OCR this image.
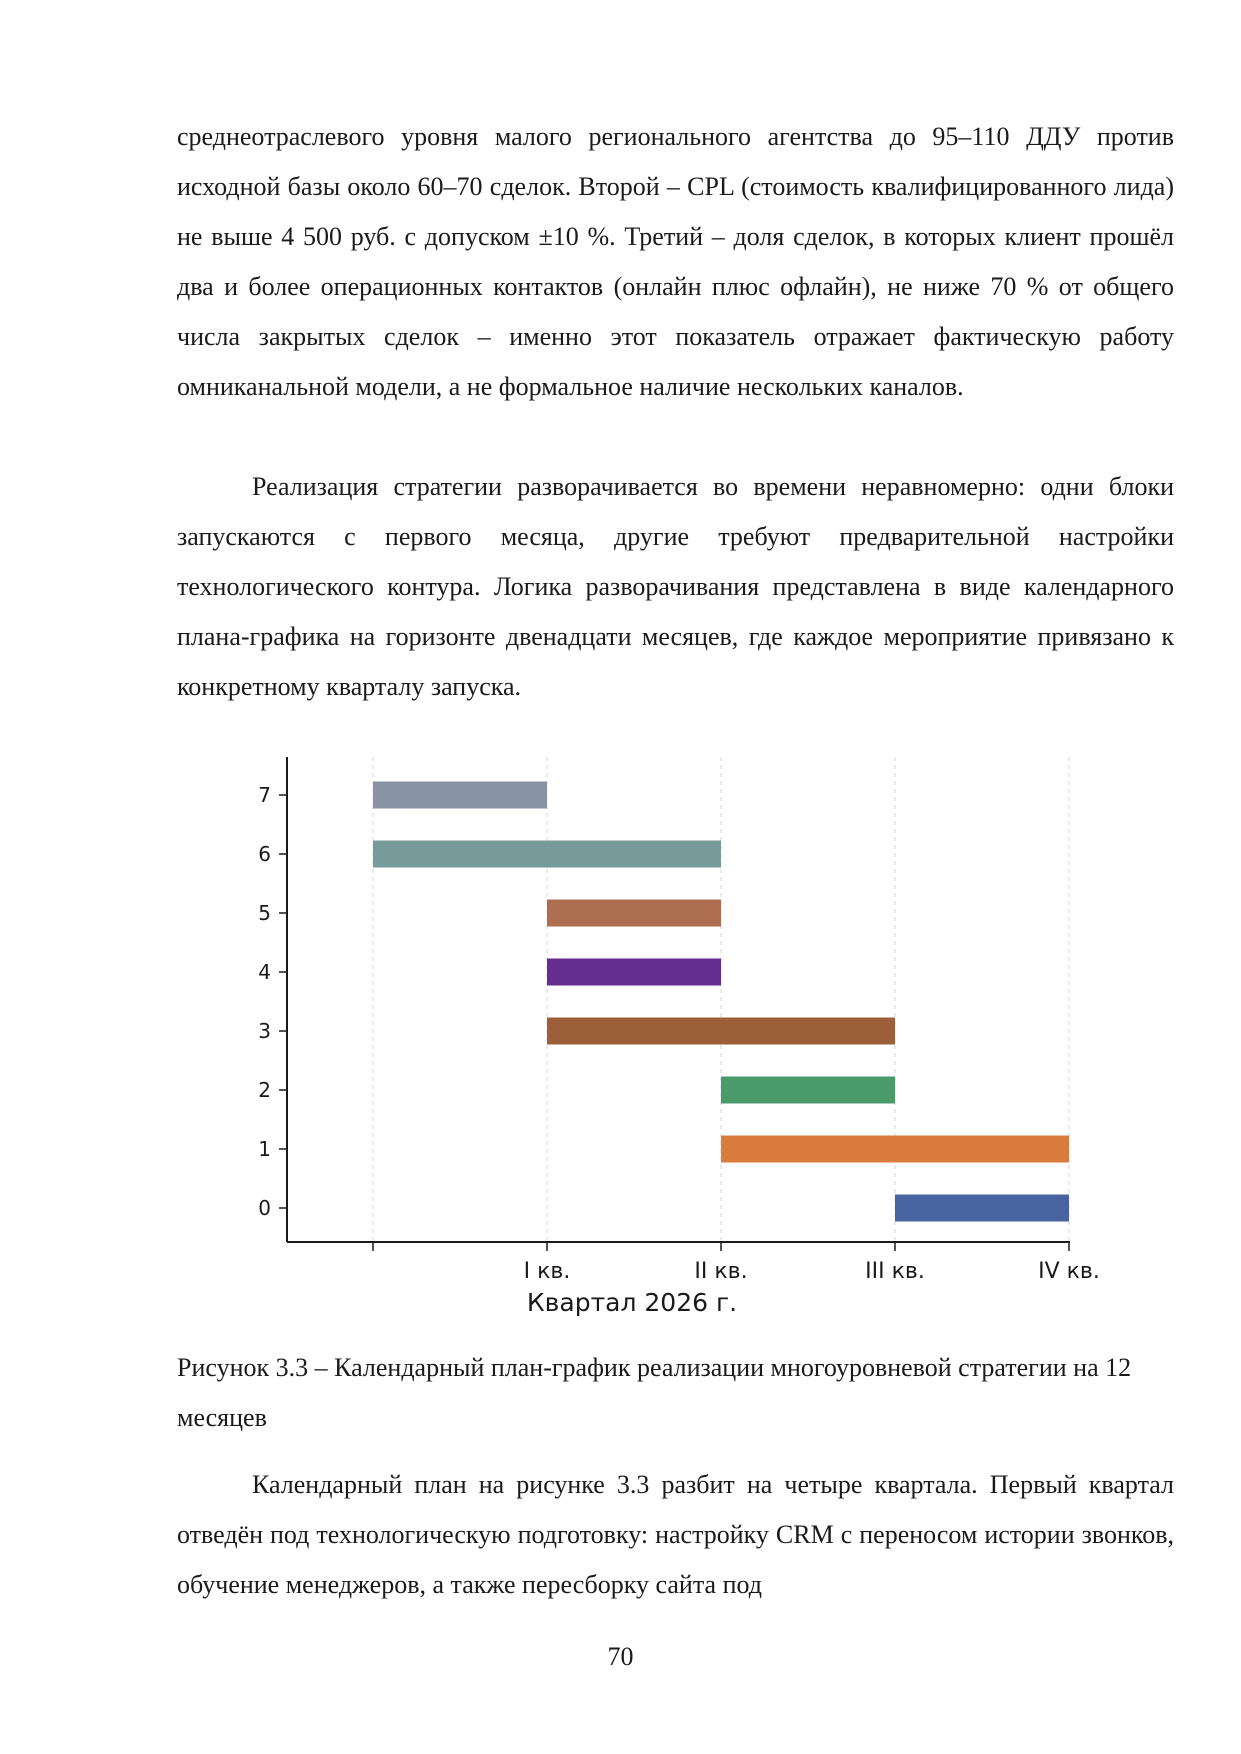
среднеотраслевого уровня малого регионального агентства до 95–110 ДДУ против исходной базы около 60–70 сделок. Второй – CPL (стоимость квалифицированного лида) не выше 4 500 руб. с допуском ±10 %. Третий – доля сделок, в которых клиент прошёл два и более операционных контактов (онлайн плюс офлайн), не ниже 70 % от общего числа закрытых сделок – именно этот показатель отражает фактическую работу омниканальной модели, а не формальное наличие нескольких каналов.

Реализация стратегии разворачивается во времени неравномерно: одни блоки запускаются с первого месяца, другие требуют предварительной настройки технологического контура. Логика разворачивания представлена в виде календарного плана-графика на горизонте двенадцати месяцев, где каждое мероприятие привязано к конкретному кварталу запуска.

0
1
2
3
4
5
6
7
I кв.	II кв.	III кв.	IV кв.
Квартал 2026 г.

Рисунок 3.3 – Календарный план-график реализации многоуровневой стратегии на 12 месяцев

Календарный план на рисунке 3.3 разбит на четыре квартала. Первый квартал отведён под технологическую подготовку: настройку CRM с переносом истории звонков, обучение менеджеров, а также пересборку сайта под

70
